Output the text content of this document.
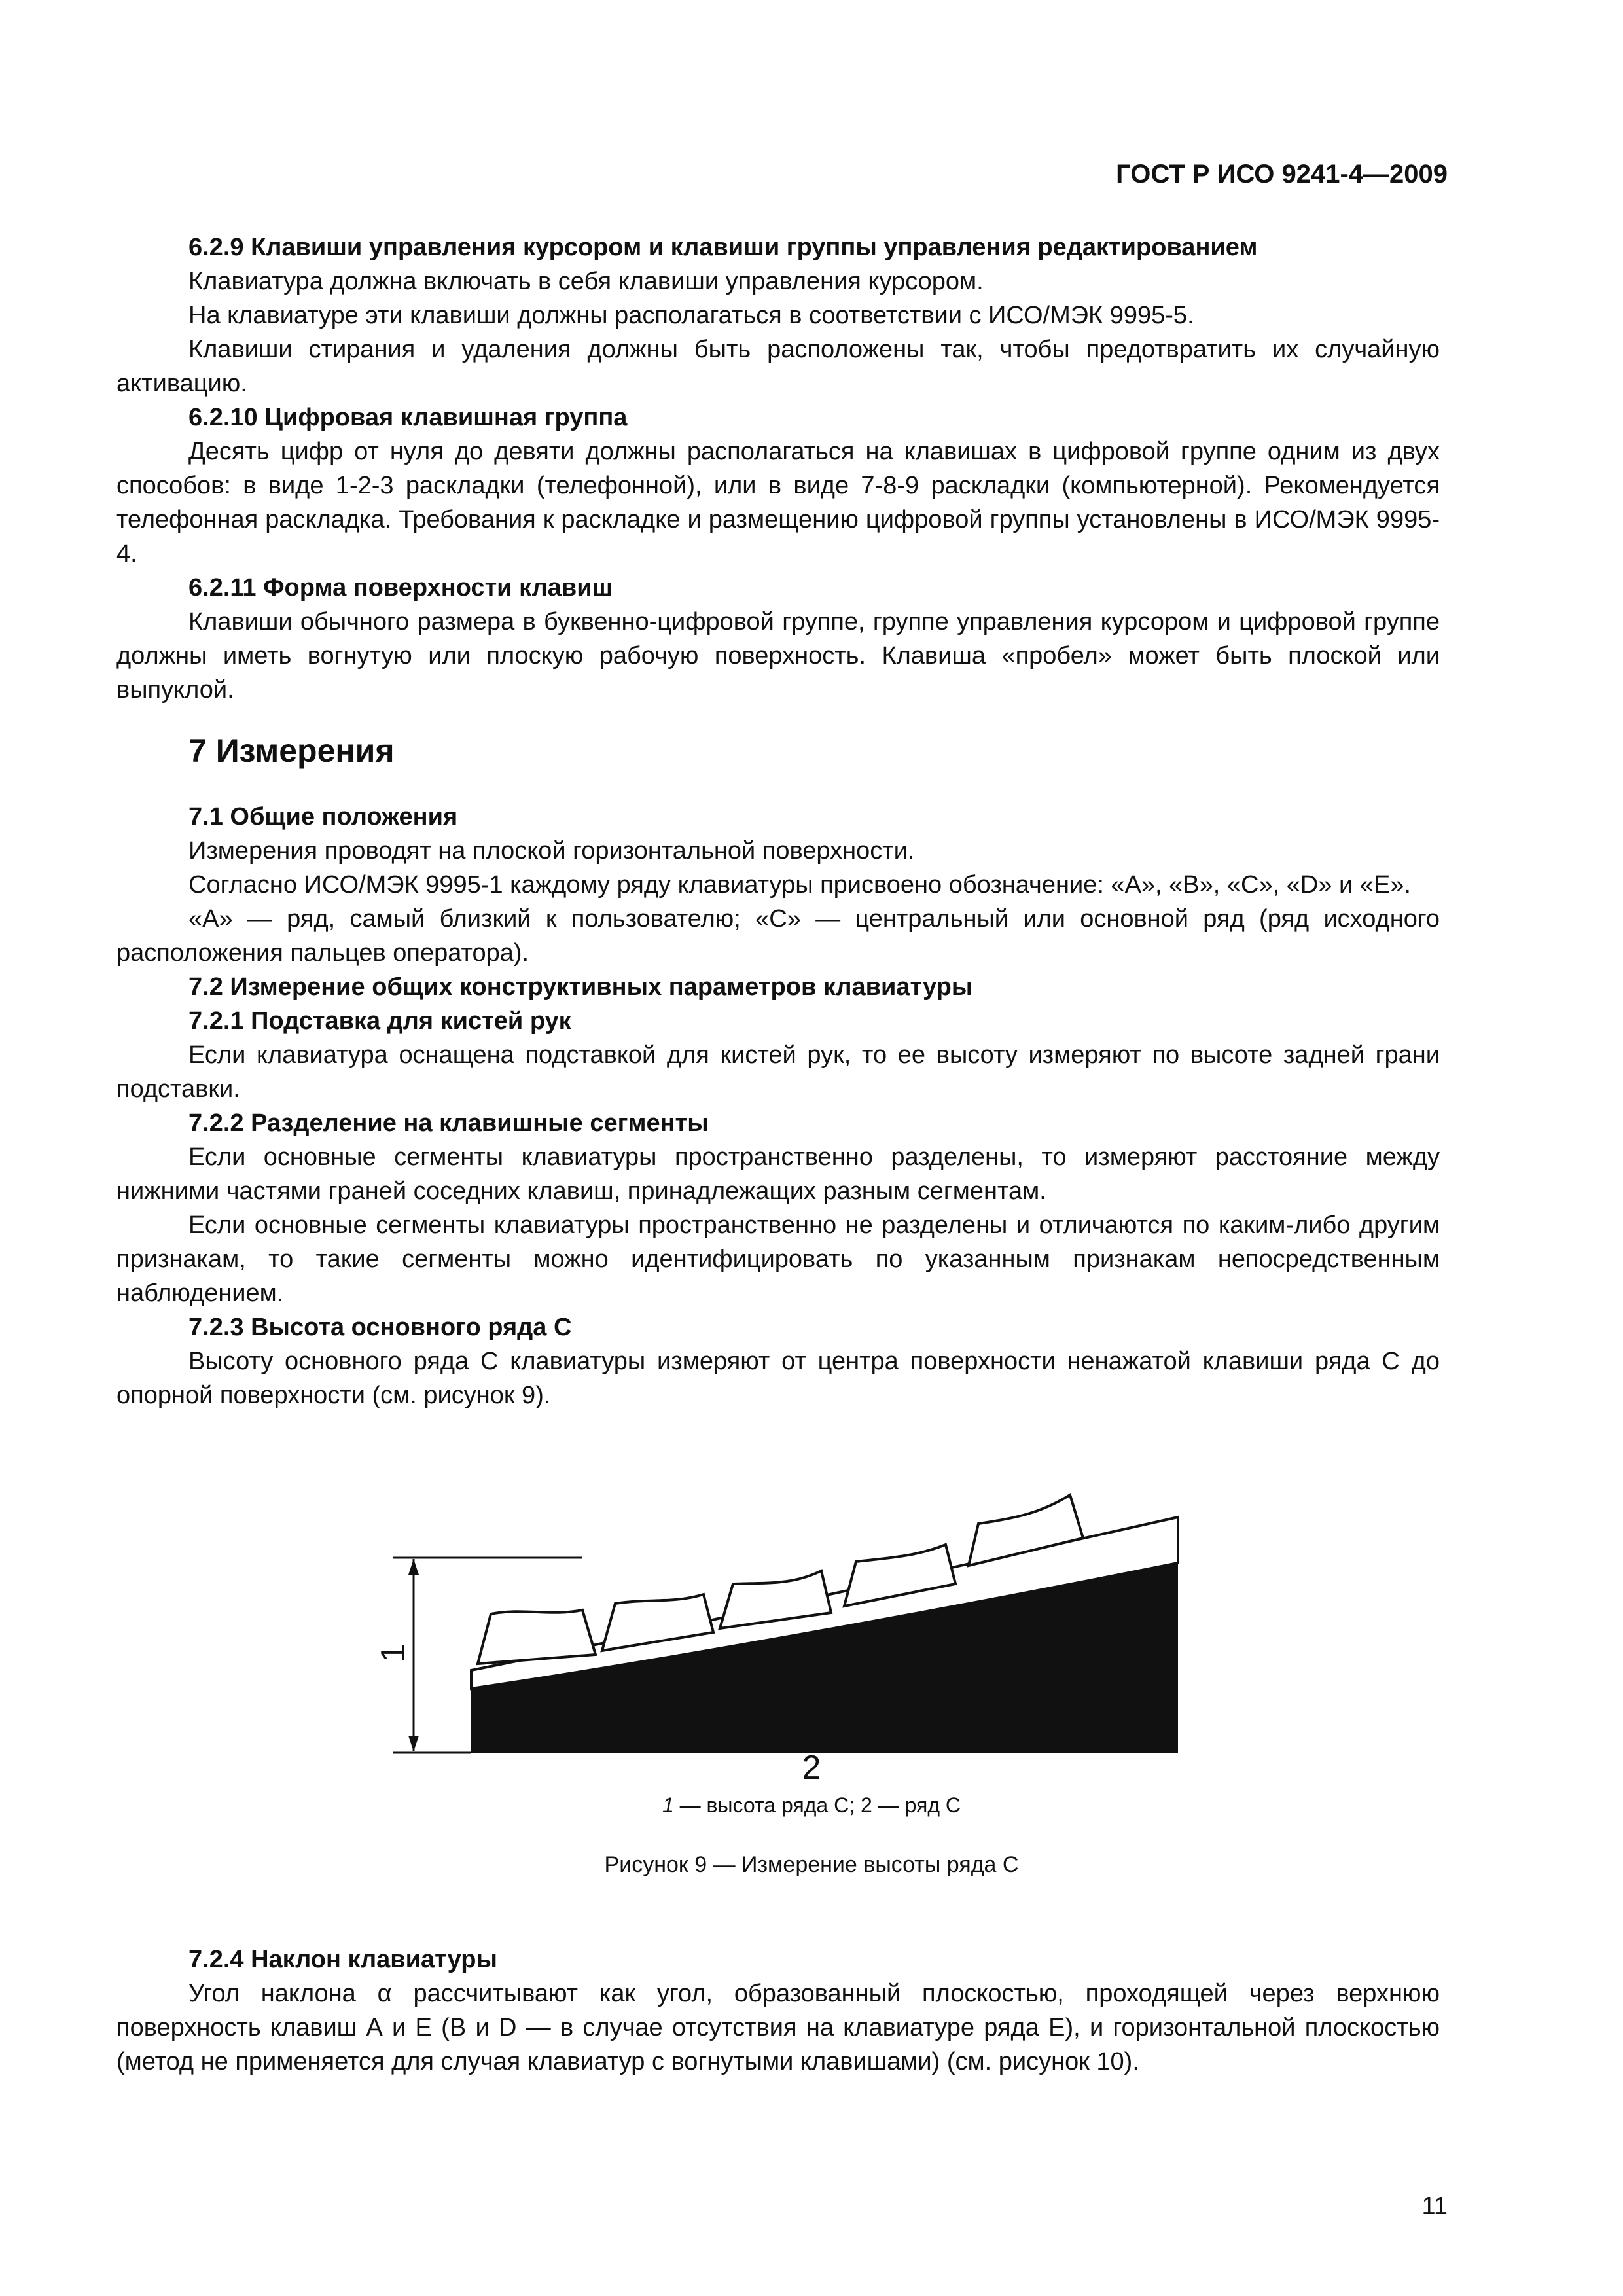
ГОСТ Р ИСО 9241-4—2009
6.2.9 Клавиши управления курсором и клавиши группы управления редактированием

Клавиатура должна включать в себя клавиши управления курсором.

На клавиатуре эти клавиши должны располагаться в соответствии с ИСО/МЭК 9995-5.

Клавиши стирания и удаления должны быть расположены так, чтобы предотвратить их случайную активацию.

6.2.10 Цифровая клавишная группа

Десять цифр от нуля до девяти должны располагаться на клавишах в цифровой группе одним из двух способов: в виде 1-2-3 раскладки (телефонной), или в виде 7-8-9 раскладки (компьютерной). Рекомендуется телефонная раскладка. Требования к раскладке и размещению цифровой группы установлены в ИСО/МЭК 9995-4.

6.2.11 Форма поверхности клавиш

Клавиши обычного размера в буквенно-цифровой группе, группе управления курсором и цифровой группе должны иметь вогнутую или плоскую рабочую поверхность. Клавиша «пробел» может быть плоской или выпуклой.

7 Измерения
7.1 Общие положения

Измерения проводят на плоской горизонтальной поверхности.

Согласно ИСО/МЭК 9995-1 каждому ряду клавиатуры присвоено обозначение: «А», «В», «С», «D» и «Е».

«А» — ряд, самый близкий к пользователю; «С» — центральный или основной ряд (ряд исходного расположения пальцев оператора).

7.2 Измерение общих конструктивных параметров клавиатуры
7.2.1 Подставка для кистей рук

Если клавиатура оснащена подставкой для кистей рук, то ее высоту измеряют по высоте задней грани подставки.

7.2.2 Разделение на клавишные сегменты

Если основные сегменты клавиатуры пространственно разделены, то измеряют расстояние между нижними частями граней соседних клавиш, принадлежащих разным сегментам.

Если основные сегменты клавиатуры пространственно не разделены и отличаются по каким-либо другим признакам, то такие сегменты можно идентифицировать по указанным признакам непосредственным наблюдением.

7.2.3 Высота основного ряда С

Высоту основного ряда С клавиатуры измеряют от центра поверхности ненажатой клавиши ряда С до опорной поверхности (см. рисунок 9).

1
2
1 — высота ряда С; 2 — ряд С
Рисунок 9 — Измерение высоты ряда С
7.2.4 Наклон клавиатуры

Угол наклона α рассчитывают как угол, образованный плоскостью, проходящей через верхнюю поверхность клавиш А и Е (В и D — в случае отсутствия на клавиатуре ряда Е), и горизонтальной плоскостью (метод не применяется для случая клавиатур с вогнутыми клавишами) (см. рисунок 10).

11
